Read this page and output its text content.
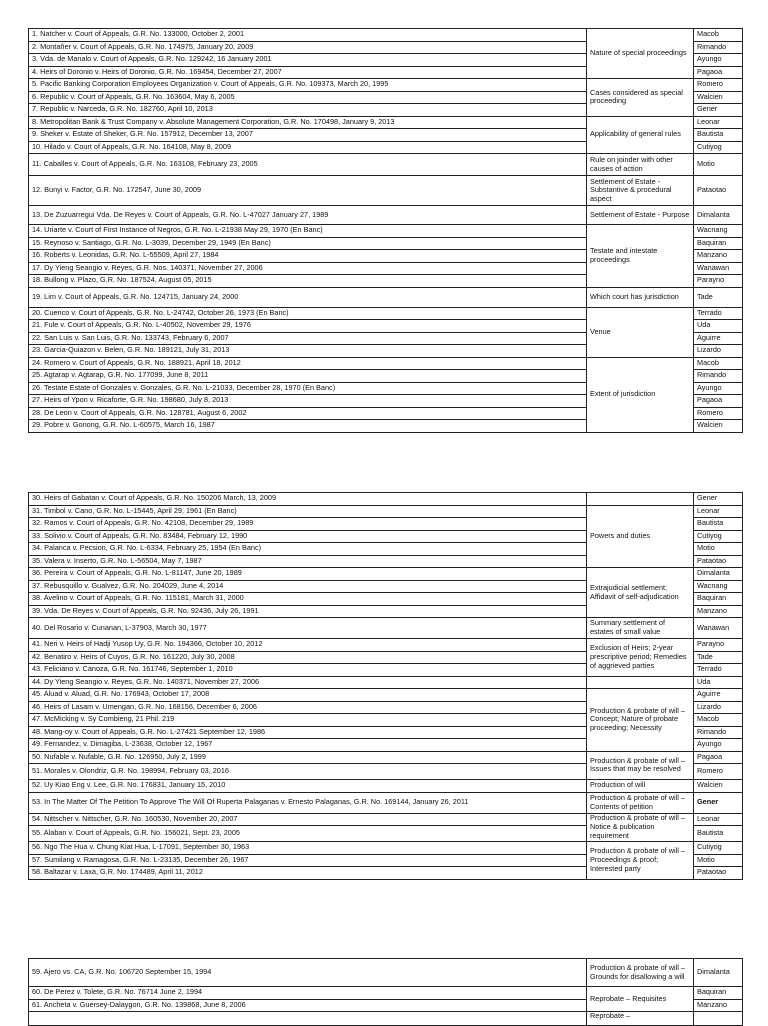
1. Natcher v. Court of Appeals, G.R. No. 133000, October 2, 2001	Nature of special proceedings	Macob
2. Montañer v. Court of Appeals, G.R. No. 174975, January 20, 2009		Rimando
3. Vda. de Manalo v. Court of Appeals, G.R. No. 129242, 16 January 2001		Ayungo
4. Heirs of Doronio v. Heirs of Doronio, G.R. No. 169454, December 27, 2007		Pagaoa
5. Pacific Banking Corporation Employees Organization v. Court of Appeals, G.R. No. 109373, March 20, 1995	Cases considered as special proceeding	Romero
6. Republic v. Court of Appeals, G.R. No. 163604, May 6, 2005		Walcien
7. Republic v. Narceda, G.R. No. 182760, April 10, 2013		Gener
8. Metropolitan Bank & Trust Company v. Absolute Management Corporation, G.R. No. 170498, January 9, 2013	Applicability of general rules	Leonar
9. Sheker v. Estate of Sheker, G.R. No. 157912, December 13, 2007		Bautista
10. Hilado v. Court of Appeals, G.R. No. 164108, May 8, 2009		Cutiyog
11. Caballes v. Court of Appeals, G.R. No. 163108, February 23, 2005	Rule on joinder with other causes of action	Motio
12. Bunyi v. Factor, G.R. No. 172547, June 30, 2009	Settlement of Estate - Substantive & procedural aspect	Pataotao
13. De Zuzuarregui Vda. De Reyes v. Court of Appeals, G.R. No. L-47027 January 27, 1989	Settlement of Estate - Purpose	Dimalanta
14. Uriarte v. Court of First Instance of Negros, G.R. No. L-21938 May 29, 1970 (En Banc)	Testate and intestate proceedings	Wacnang
15. Reynoso v. Santiago, G.R. No. L-3039, December 29, 1949 (En Banc)		Baquiran
16. Roberts v. Leonidas, G.R. No. L-55509, April 27, 1984		Manzano
17. Dy Yieng Seangio v. Reyes, G.R. Nos. 140371, November 27, 2006		Wanawan
18. Bullong v. Plazo, G.R. No. 187524, August 05, 2015		Parayno
19. Lim v. Court of Appeals, G.R. No. 124715, January 24, 2000	Which court has jurisdiction	Tade
20. Cuenco v. Court of Appeals, G.R. No. L-24742, October 26, 1973 (En Banc)	Venue	Terrado
21. Fule v. Court of Appeals, G.R. No. L-40502, November 29, 1976		Uda
22. San Luis v. San Luis, G.R. No. 133743, February 6, 2007		Aguirre
23. Garcia-Quiazon v. Belen, G.R. No. 189121, July 31, 2013		Lizardo
24. Romero v. Court of Appeals, G.R. No. 188921, April 18, 2012	Extent of jurisdiction	Macob
25. Agtarap v. Agtarap, G.R. No. 177099, June 8, 2011		Rimando
26. Testate Estate of Gonzales v. Gonzales, G.R. No. L-21033, December 28, 1970 (En Banc)		Ayungo
27. Heirs of Ypon v. Ricaforte, G.R. No. 198680, July 8, 2013		Pagaoa
28. De Leon v. Court of Appeals, G.R. No. 128781, August 6, 2002		Romero
29. Pobre v. Gonong, G.R. No. L-60575, March 16, 1987		Walcien
30. Heirs of Gabatan v. Court of Appeals, G.R. No. 150206 March, 13, 2009		Gener
31. Timbol v. Cano, G.R. No. L-15445, April 29, 1961 (En Banc)	Powers and duties	Leonar
32. Ramos v. Court of Appeals, G.R. No. 42108, December 29, 1989		Bautista
33. Solivio v. Court of Appeals, G.R. No. 83484, February 12, 1990		Cutiyog
34. Palanca v. Pecsion, G.R. No. L-6334, February 25, 1954 (En Banc)		Motio
35. Valera v. Inserto, G.R. No. L-56504, May 7, 1987		Pataotao
36. Pereira v. Court of Appeals, G.R. No. L-81147, June 20, 1989	Extrajudicial settlement; Affidavit of self-adjudication	Dimalanta
37. Rebusquillo v. Gualvez, G.R. No. 204029, June 4, 2014		Wacnang
38. Avelino v. Court of Appeals, G.R. No. 115181, March 31, 2000		Baquiran
39. Vda. De Reyes v. Court of Appeals, G.R. No. 92436, July 26, 1991		Manzano
40. Del Rosario v. Cunanan, L-37903, March 30, 1977	Summary settlement of estates of small value	Wanawan
41. Neri v. Heirs of Hadji Yusop Uy, G.R. No. 194366, October 10, 2012	Exclusion of Heirs; 2-year prescriptive period; Remedies of aggrieved parties	Parayno
42. Benatiro v. Heirs of Cuyos, G.R. No. 161220, July 30, 2008		Tade
43. Feliciano v. Canoza, G.R. No. 161746, September 1, 2010		Terrado
44. Dy Yieng Seangio v. Reyes, G.R. No. 140371, November 27, 2006		Uda
45. Aluad v. Aluad, G.R. No. 176943, October 17, 2008	Production & probate of will – Concept; Nature of probate proceeding; Necessity	Aguirre
46. Heirs of Lasam v. Umengan, G.R. No. 168156, December 6, 2006		Lizardo
47. McMicking v. Sy Combieng, 21 Phil. 219		Macob
48. Mang-oy v. Court of Appeals, G.R. No. L-27421 September 12, 1986		Rimando
49. Fernandez, v. Dimagiba, L-23638, October 12, 1967		Ayungo
50. Nufable v. Nufable, G.R. No. 126950, July 2, 1999	Production & probate of will – Issues that may be resolved	Pagaoa
51. Morales v. Olondriz, G.R. No. 198994, February 03, 2016		Romero
52. Uy Kiao Eng v. Lee, G.R. No. 176831, January 15, 2010	Production of will	Walcien
53. In The Matter Of The Petition To Approve The Will Of Ruperta Palaganas v. Ernesto Palaganas, G.R. No. 169144, January 26, 2011	Production & probate of will – Contents of petition	Gener
54. Nittscher v. Nittscher, G.R. No. 160530, November 20, 2007	Production & probate of will – Notice & publication requirement	Leonar
55. Alaban v. Court of Appeals, G.R. No. 156021, Sept. 23, 2005		Bautista
56. Ngo The Hua v. Chung Kiat Hua, L-17091, September 30, 1963	Production & probate of will – Proceedings & proof; Interested party	Cutiyog
57. Sumilang v. Ramagosa, G.R. No. L-23135, December 26, 1967		Motio
58. Baltazar v. Laxa, G.R. No. 174489, April 11, 2012		Pataotao
59. Ajero vs. CA, G.R. No. 106720 September 15, 1994	Production & probate of will – Grounds for disallowing a will	Dimalanta
60. De Perez v. Tolete, G.R. No. 76714 June 2, 1994	Reprobate – Requisites	Baquiran
61. Ancheta v. Guersey-Dalaygon, G.R. No. 139868, June 8, 2006		Manzano
	Reprobate –	
